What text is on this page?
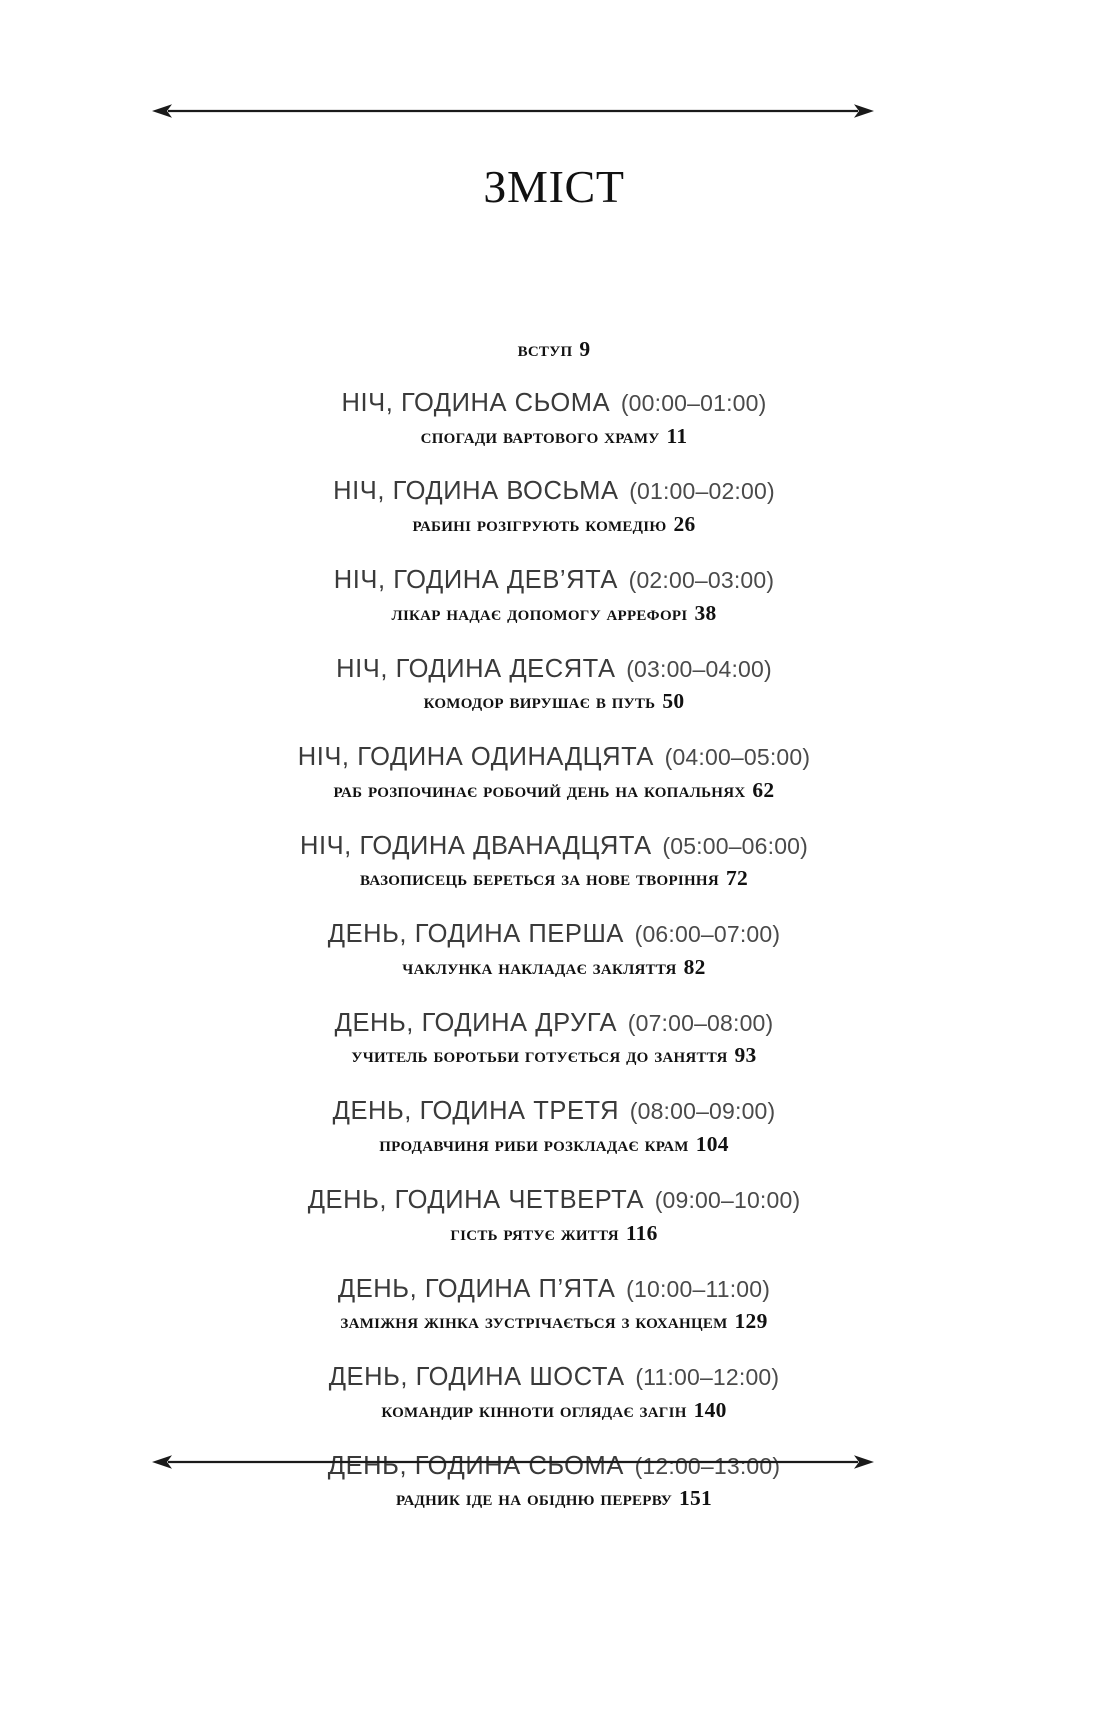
зміст

вступ 9

НІЧ, ГОДИНА СЬОМА (00:00–01:00)

спогади вартового храму 11

НІЧ, ГОДИНА ВОСЬМА (01:00–02:00)

рабині розігрують комедію 26

НІЧ, ГОДИНА ДЕВ’ЯТА (02:00–03:00)

лікар надає допомогу аррефорі 38

НІЧ, ГОДИНА ДЕСЯТА (03:00–04:00)

комодор вирушає в путь 50

НІЧ, ГОДИНА ОДИНАДЦЯТА (04:00–05:00)

раб розпочинає робочий день на копальнях 62

НІЧ, ГОДИНА ДВАНАДЦЯТА (05:00–06:00)

вазописець береться за нове творіння 72

ДЕНЬ, ГОДИНА ПЕРША (06:00–07:00)

чаклунка накладає закляття 82

ДЕНЬ, ГОДИНА ДРУГА (07:00–08:00)

учитель боротьби готується до заняття 93

ДЕНЬ, ГОДИНА ТРЕТЯ (08:00–09:00)

продавчиня риби розкладає крам 104

ДЕНЬ, ГОДИНА ЧЕТВЕРТА (09:00–10:00)

гість рятує життя 116

ДЕНЬ, ГОДИНА П’ЯТА (10:00–11:00)

заміжня жінка зустрічається з коханцем 129

ДЕНЬ, ГОДИНА ШОСТА (11:00–12:00)

командир кінноти оглядає загін 140

ДЕНЬ, ГОДИНА СЬОМА (12:00–13:00)

радник іде на обідню перерву 151
